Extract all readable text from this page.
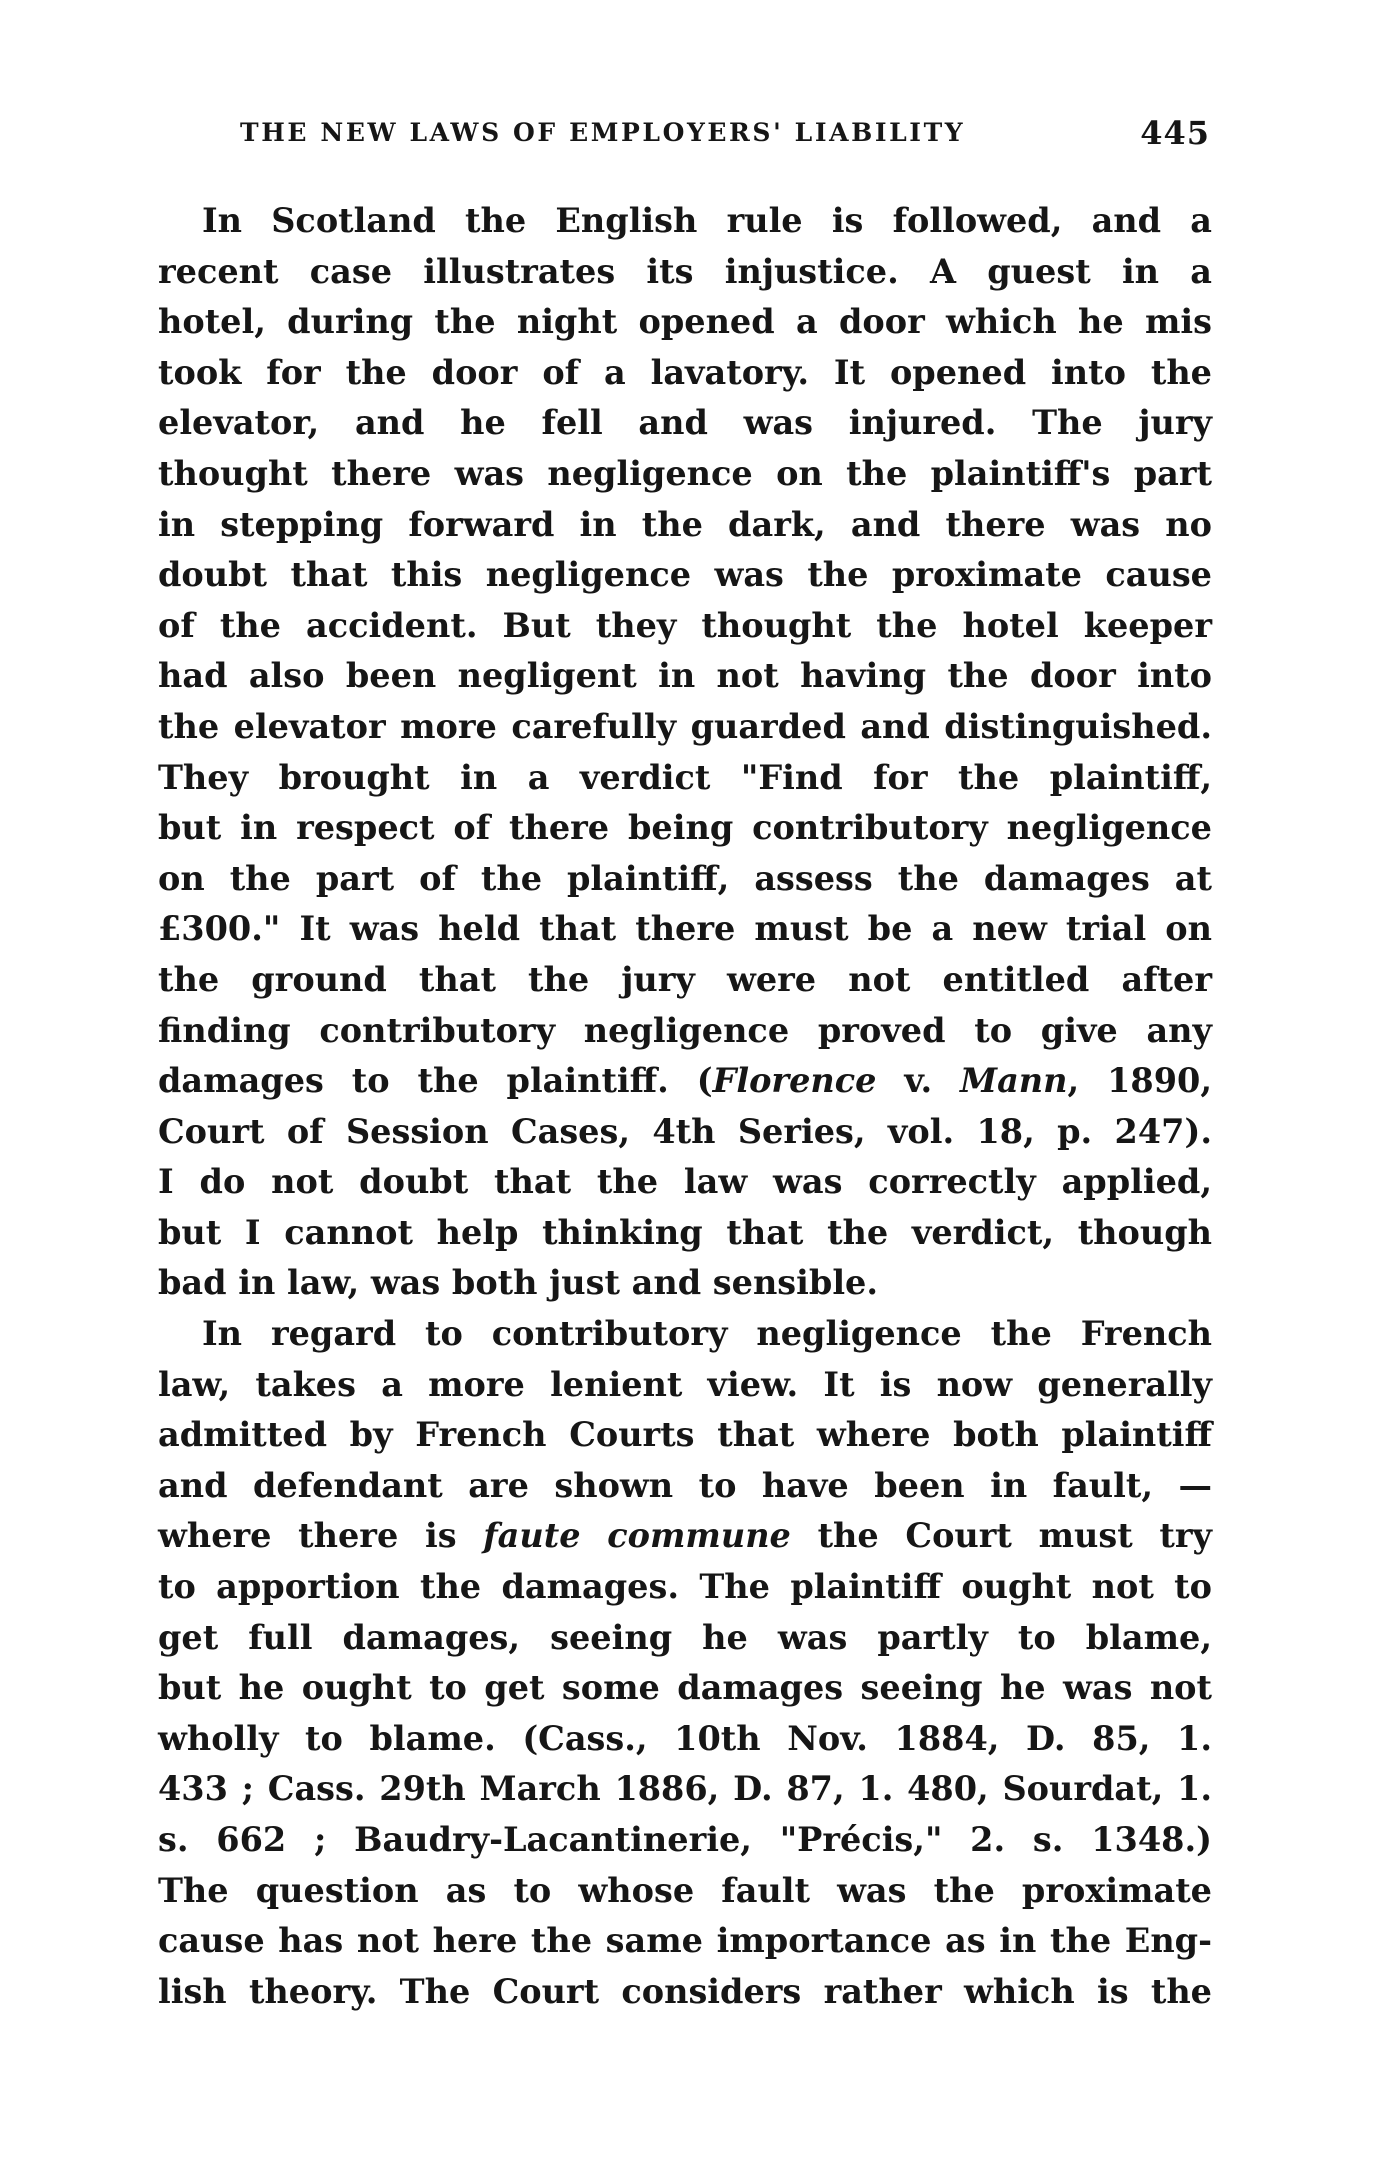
THE NEW LAWS OF EMPLOYERS' LIABILITY	445
In Scotland the English rule is followed, and a
recent case illustrates its injustice. A guest in a
hotel, during the night opened a door which he mis
took for the door of a lavatory. It opened into the
elevator, and he fell and was injured. The jury
thought there was negligence on the plaintiff's part
in stepping forward in the dark, and there was no
doubt that this negligence was the proximate cause
of the accident. But they thought the hotel keeper
had also been negligent in not having the door into
the elevator more carefully guarded and distinguished.
They brought in a verdict "Find for the plaintiff,
but in respect of there being contributory negligence
on the part of the plaintiff, assess the damages at
£300." It was held that there must be a new trial on
the ground that the jury were not entitled after
finding contributory negligence proved to give any
damages to the plaintiff. (Florence v. Mann, 1890,
Court of Session Cases, 4th Series, vol. 18, p. 247).
I do not doubt that the law was correctly applied,
but I cannot help thinking that the verdict, though
bad in law, was both just and sensible.
In regard to contributory negligence the French
law, takes a more lenient view. It is now generally
admitted by French Courts that where both plaintiff
and defendant are shown to have been in fault, —
where there is faute commune the Court must try
to apportion the damages. The plaintiff ought not to
get full damages, seeing he was partly to blame,
but he ought to get some damages seeing he was not
wholly to blame. (Cass., 10th Nov. 1884, D. 85, 1.
433 ; Cass. 29th March 1886, D. 87, 1. 480, Sourdat, 1.
s. 662 ; Baudry-Lacantinerie, "Précis," 2. s. 1348.)
The question as to whose fault was the proximate
cause has not here the same importance as in the Eng-
lish theory. The Court considers rather which is the
